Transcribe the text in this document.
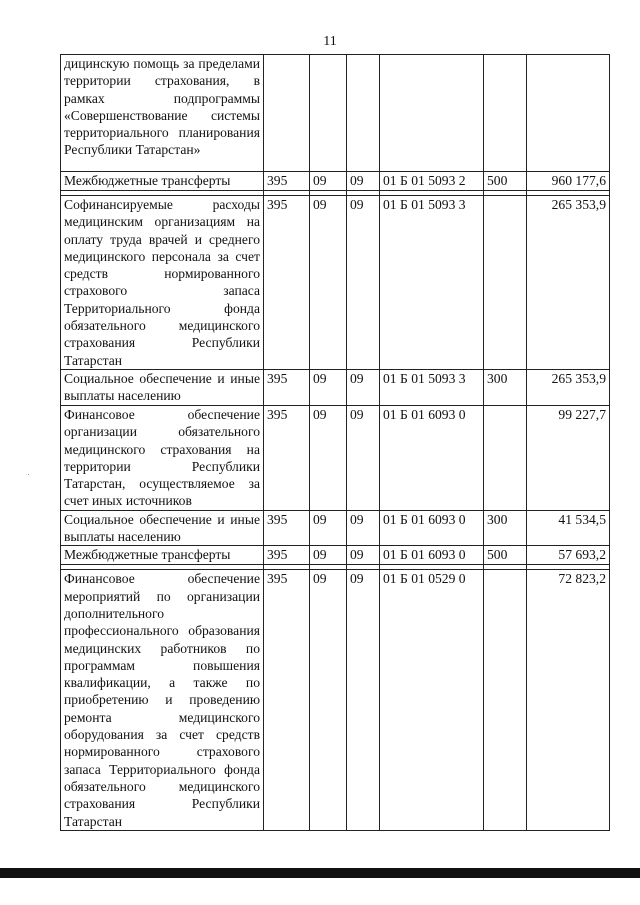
11
дицинскую помощь за пределами территории страхования, в рамках подпрограммы «Совершенствование системы территориального планирования Республики Татарстан»						
Межбюджетные трансферты	395	09	09	01 Б 01 5093 2	500	960 177,6

Софинансируемые расходы медицинским организациям на оплату труда врачей и среднего медицинского персонала за счет средств нормированного страхового запаса Территориального фонда обязательного медицинского страхования Республики Татарстан	395	09	09	01 Б 01 5093 3		265 353,9
Социальное обеспечение и иные выплаты населению	395	09	09	01 Б 01 5093 3	300	265 353,9
Финансовое обеспечение организации обязательного медицинского страхования на территории Республики Татарстан, осуществляемое за счет иных источников	395	09	09	01 Б 01 6093 0		99 227,7
Социальное обеспечение и иные выплаты населению	395	09	09	01 Б 01 6093 0	300	41 534,5
Межбюджетные трансферты	395	09	09	01 Б 01 6093 0	500	57 693,2

Финансовое обеспечение мероприятий по организации дополнительного профессионального образования медицинских работников по программам повышения квалификации, а также по приобретению и проведению ремонта медицинского оборудования за счет средств нормированного страхового запаса Территориального фонда обязательного медицинского страхования Республики Татарстан	395	09	09	01 Б 01 0529 0		72 823,2
